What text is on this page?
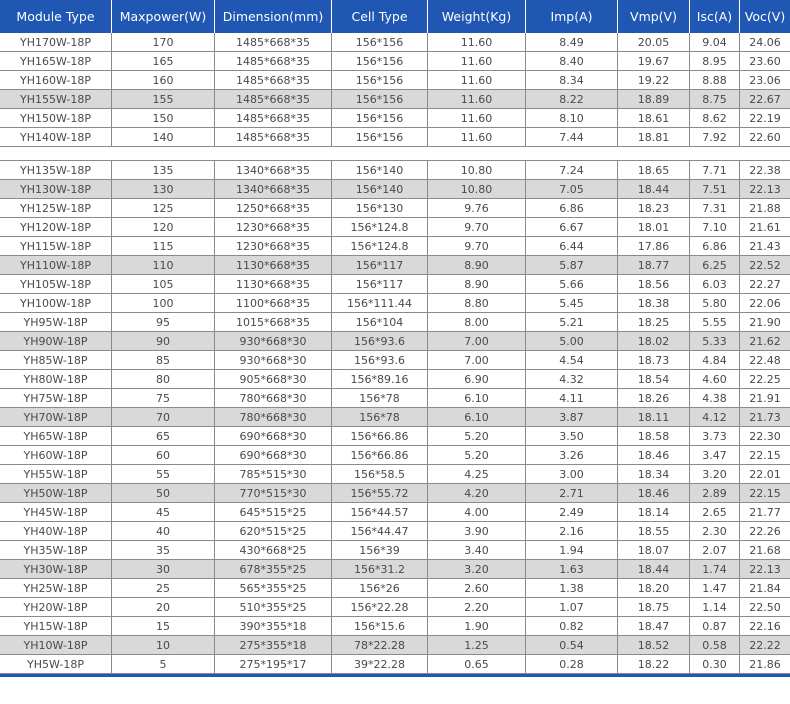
Module Type	Maxpower(W)	Dimension(mm)	Cell Type	Weight(Kg)	Imp(A)	Vmp(V)	Isc(A)	Voc(V)
YH170W-18P	170	1485*668*35	156*156	11.60	8.49	20.05	9.04	24.06
YH165W-18P	165	1485*668*35	156*156	11.60	8.40	19.67	8.95	23.60
YH160W-18P	160	1485*668*35	156*156	11.60	8.34	19.22	8.88	23.06
YH155W-18P	155	1485*668*35	156*156	11.60	8.22	18.89	8.75	22.67
YH150W-18P	150	1485*668*35	156*156	11.60	8.10	18.61	8.62	22.19
YH140W-18P	140	1485*668*35	156*156	11.60	7.44	18.81	7.92	22.60
YH135W-18P	135	1340*668*35	156*140	10.80	7.24	18.65	7.71	22.38
YH130W-18P	130	1340*668*35	156*140	10.80	7.05	18.44	7.51	22.13
YH125W-18P	125	1250*668*35	156*130	9.76	6.86	18.23	7.31	21.88
YH120W-18P	120	1230*668*35	156*124.8	9.70	6.67	18.01	7.10	21.61
YH115W-18P	115	1230*668*35	156*124.8	9.70	6.44	17.86	6.86	21.43
YH110W-18P	110	1130*668*35	156*117	8.90	5.87	18.77	6.25	22.52
YH105W-18P	105	1130*668*35	156*117	8.90	5.66	18.56	6.03	22.27
YH100W-18P	100	1100*668*35	156*111.44	8.80	5.45	18.38	5.80	22.06
YH95W-18P	95	1015*668*35	156*104	8.00	5.21	18.25	5.55	21.90
YH90W-18P	90	930*668*30	156*93.6	7.00	5.00	18.02	5.33	21.62
YH85W-18P	85	930*668*30	156*93.6	7.00	4.54	18.73	4.84	22.48
YH80W-18P	80	905*668*30	156*89.16	6.90	4.32	18.54	4.60	22.25
YH75W-18P	75	780*668*30	156*78	6.10	4.11	18.26	4.38	21.91
YH70W-18P	70	780*668*30	156*78	6.10	3.87	18.11	4.12	21.73
YH65W-18P	65	690*668*30	156*66.86	5.20	3.50	18.58	3.73	22.30
YH60W-18P	60	690*668*30	156*66.86	5.20	3.26	18.46	3.47	22.15
YH55W-18P	55	785*515*30	156*58.5	4.25	3.00	18.34	3.20	22.01
YH50W-18P	50	770*515*30	156*55.72	4.20	2.71	18.46	2.89	22.15
YH45W-18P	45	645*515*25	156*44.57	4.00	2.49	18.14	2.65	21.77
YH40W-18P	40	620*515*25	156*44.47	3.90	2.16	18.55	2.30	22.26
YH35W-18P	35	430*668*25	156*39	3.40	1.94	18.07	2.07	21.68
YH30W-18P	30	678*355*25	156*31.2	3.20	1.63	18.44	1.74	22.13
YH25W-18P	25	565*355*25	156*26	2.60	1.38	18.20	1.47	21.84
YH20W-18P	20	510*355*25	156*22.28	2.20	1.07	18.75	1.14	22.50
YH15W-18P	15	390*355*18	156*15.6	1.90	0.82	18.47	0.87	22.16
YH10W-18P	10	275*355*18	78*22.28	1.25	0.54	18.52	0.58	22.22
YH5W-18P	5	275*195*17	39*22.28	0.65	0.28	18.22	0.30	21.86
